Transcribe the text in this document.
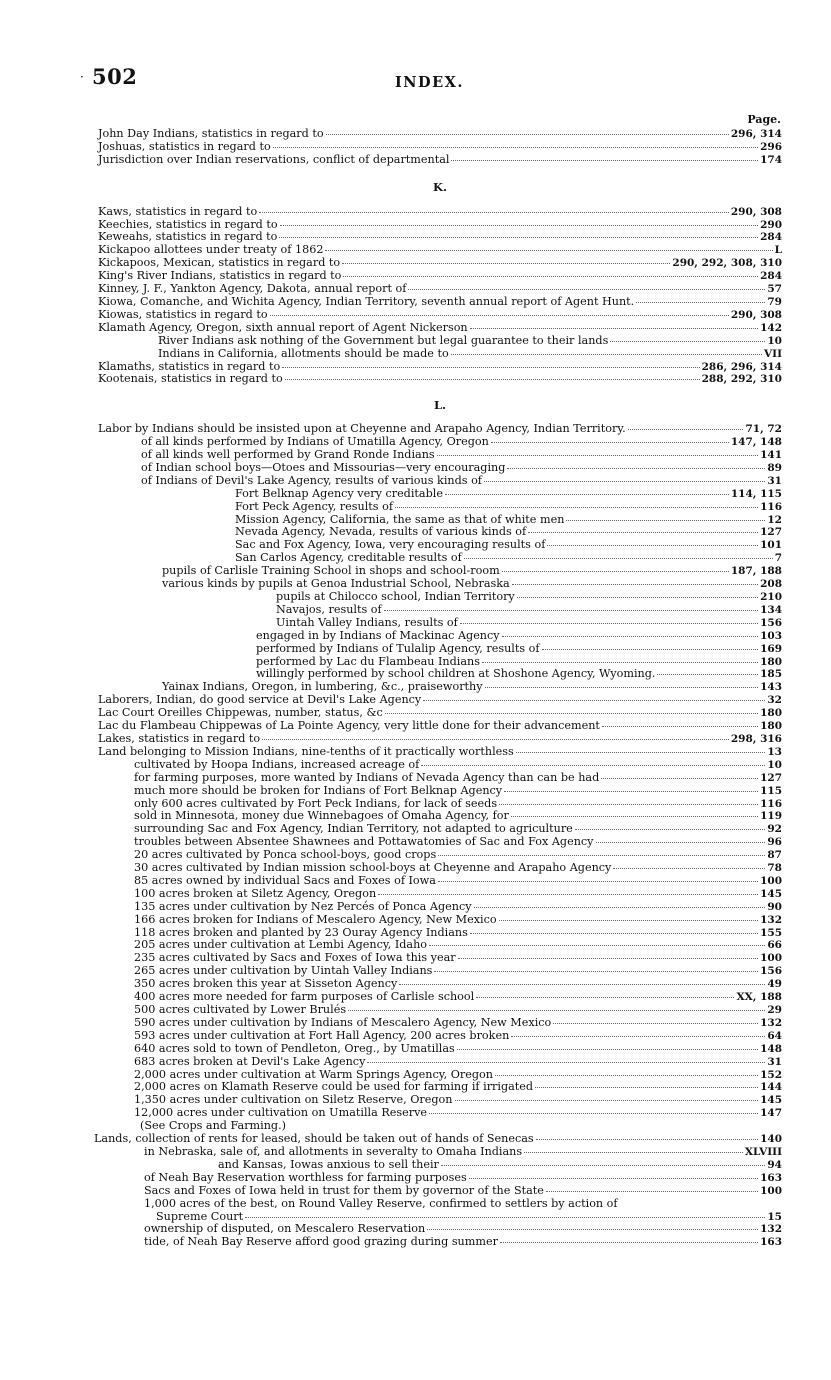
· 502	INDEX.
Page.
John Day Indians, statistics in regard to	296, 314
Joshuas, statistics in regard to	296
Jurisdiction over Indian reservations, conflict of departmental	174
K.
Kaws, statistics in regard to	290, 308
Keechies, statistics in regard to	290
Keweahs, statistics in regard to	284
Kickapoo allottees under treaty of 1862	L
Kickapoos, Mexican, statistics in regard to	290, 292, 308, 310
King's River Indians, statistics in regard to	284
Kinney, J. F., Yankton Agency, Dakota, annual report of	57
Kiowa, Comanche, and Wichita Agency, Indian Territory, seventh annual report of Agent Hunt.	79
Kiowas, statistics in regard to	290, 308
Klamath Agency, Oregon, sixth annual report of Agent Nickerson	142
River Indians ask nothing of the Government but legal guarantee to their lands	10
Indians in California, allotments should be made to	VII
Klamaths, statistics in regard to	286, 296, 314
Kootenais, statistics in regard to	288, 292, 310
L.
Labor by Indians should be insisted upon at Cheyenne and Arapaho Agency, Indian Territory.	71, 72
of all kinds performed by Indians of Umatilla Agency, Oregon	147, 148
of all kinds well performed by Grand Ronde Indians	141
of Indian school boys—Otoes and Missourias—very encouraging	89
of Indians of Devil's Lake Agency, results of various kinds of	31
Fort Belknap Agency very creditable	114, 115
Fort Peck Agency, results of	116
Mission Agency, California, the same as that of white men	12
Nevada Agency, Nevada, results of various kinds of	127
Sac and Fox Agency, Iowa, very encouraging results of	101
San Carlos Agency, creditable results of	7
pupils of Carlisle Training School in shops and school-room	187, 188
various kinds by pupils at Genoa Industrial School, Nebraska	208
pupils at Chilocco school, Indian Territory	210
Navajos, results of	134
Uintah Valley Indians, results of	156
engaged in by Indians of Mackinac Agency	103
performed by Indians of Tulalip Agency, results of	169
performed by Lac du Flambeau Indians	180
willingly performed by school children at Shoshone Agency, Wyoming.	185
Yainax Indians, Oregon, in lumbering, &c., praiseworthy	143
Laborers, Indian, do good service at Devil's Lake Agency	32
Lac Court Oreilles Chippewas, number, status, &c	180
Lac du Flambeau Chippewas of La Pointe Agency, very little done for their advancement	180
Lakes, statistics in regard to	298, 316
Land belonging to Mission Indians, nine-tenths of it practically worthless	13
cultivated by Hoopa Indians, increased acreage of	10
for farming purposes, more wanted by Indians of Nevada Agency than can be had	127
much more should be broken for Indians of Fort Belknap Agency	115
only 600 acres cultivated by Fort Peck Indians, for lack of seeds	116
sold in Minnesota, money due Winnebagoes of Omaha Agency, for	119
surrounding Sac and Fox Agency, Indian Territory, not adapted to agriculture	92
troubles between Absentee Shawnees and Pottawatomies of Sac and Fox Agency	96
20 acres cultivated by Ponca school-boys, good crops	87
30 acres cultivated by Indian mission school-boys at Cheyenne and Arapaho Agency	78
85 acres owned by individual Sacs and Foxes of Iowa	100
100 acres broken at Siletz Agency, Oregon	145
135 acres under cultivation by Nez Percés of Ponca Agency	90
166 acres broken for Indians of Mescalero Agency, New Mexico	132
118 acres broken and planted by 23 Ouray Agency Indians	155
205 acres under cultivation at Lembi Agency, Idaho	66
235 acres cultivated by Sacs and Foxes of Iowa this year	100
265 acres under cultivation by Uintah Valley Indians	156
350 acres broken this year at Sisseton Agency	49
400 acres more needed for farm purposes of Carlisle school	XX, 188
500 acres cultivated by Lower Brulés	29
590 acres under cultivation by Indians of Mescalero Agency, New Mexico	132
593 acres under cultivation at Fort Hall Agency, 200 acres broken	64
640 acres sold to town of Pendleton, Oreg., by Umatillas	148
683 acres broken at Devil's Lake Agency	31
2,000 acres under cultivation at Warm Springs Agency, Oregon	152
2,000 acres on Klamath Reserve could be used for farming if irrigated	144
1,350 acres under cultivation on Siletz Reserve, Oregon	145
12,000 acres under cultivation on Umatilla Reserve	147
(See Crops and Farming.)
Lands, collection of rents for leased, should be taken out of hands of Senecas	140
in Nebraska, sale of, and allotments in severalty to Omaha Indians	XLVIII
and Kansas, Iowas anxious to sell their	94
of Neah Bay Reservation worthless for farming purposes	163
Sacs and Foxes of Iowa held in trust for them by governor of the State	100
1,000 acres of the best, on Round Valley Reserve, confirmed to settlers by action of
Supreme Court	15
ownership of disputed, on Mescalero Reservation	132
tide, of Neah Bay Reserve afford good grazing during summer	163
